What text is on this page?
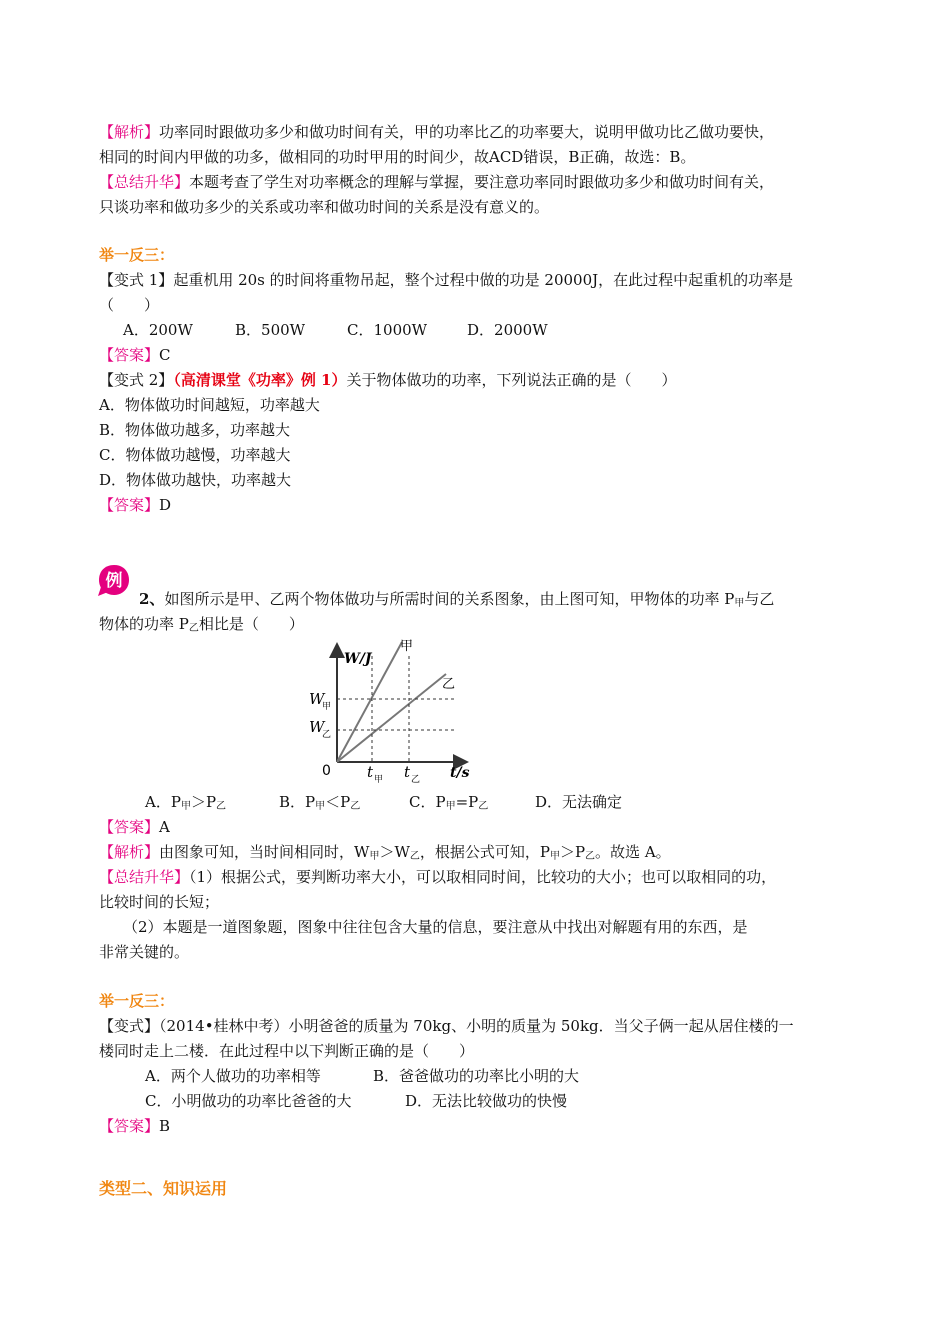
【解析】功率同时跟做功多少和做功时间有关，甲的功率比乙的功率要大，说明甲做功比乙做功要快，
相同的时间内甲做的功多，做相同的功时甲用的时间少，故ACD错误，B正确，故选：B。
【总结升华】本题考查了学生对功率概念的理解与掌握，要注意功率同时跟做功多少和做功时间有关，
只谈功率和做功多少的关系或功率和做功时间的关系是没有意义的。
举一反三：
【变式 1】起重机用 20s 的时间将重物吊起，整个过程中做的功是 20000J，在此过程中起重机的功率是
（　　）
A．200W	B．500W	C．1000W	D．2000W
【答案】C
【变式 2】（高清课堂《功率》例 1）关于物体做功的功率，下列说法正确的是（　　）
A．物体做功时间越短，功率越大
B．物体做功越多，功率越大
C．物体做功越慢，功率越大
D．物体做功越快，功率越大
【答案】D
例
2、如图所示是甲、乙两个物体做功与所需时间的关系图象，由上图可知，甲物体的功率 $P_甲$与乙
物体的功率 $P_乙$相比是（　　）
W/J
甲
乙
W
甲
W
乙
0 t 甲 t 乙 t/s
A．$P_甲>P_乙$	B．$P_甲<P_乙$	C．$P_甲=P_乙$	D．无法确定
【答案】A
【解析】由图象可知，当时间相同时，$W_甲>W_乙$，根据公式可知，$P_甲>P_乙$。故选 A。
【总结升华】（1）根据公式，要判断功率大小，可以取相同时间，比较功的大小；也可以取相同的功，
比较时间的长短；
（2）本题是一道图象题，图象中往往包含大量的信息，要注意从中找出对解题有用的东西，是
非常关键的。
举一反三：
【变式】（2014•桂林中考）小明爸爸的质量为 70kg、小明的质量为 50kg．当父子俩一起从居住楼的一
楼同时走上二楼．在此过程中以下判断正确的是（　　）
A．两个人做功的功率相等	B．爸爸做功的功率比小明的大
C．小明做功的功率比爸爸的大	D．无法比较做功的快慢
【答案】B
类型二、知识运用
